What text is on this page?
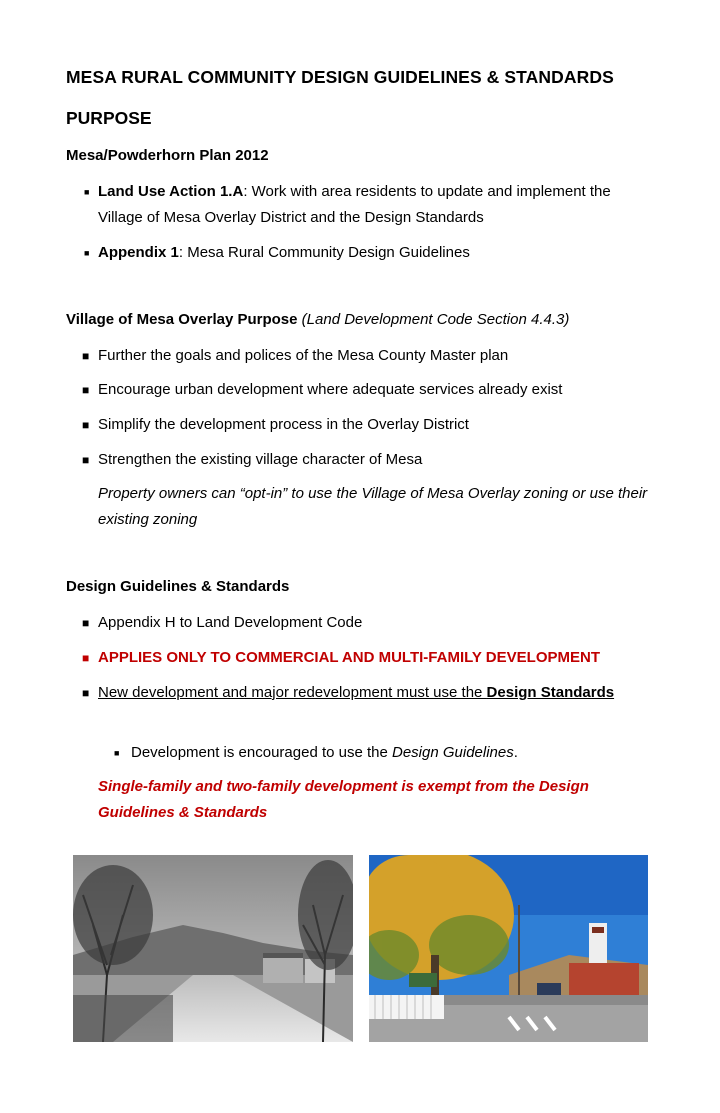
MESA RURAL COMMUNITY DESIGN GUIDELINES & STANDARDS
PURPOSE
Mesa/Powderhorn Plan 2012
■ Land Use Action 1.A: Work with area residents to update and implement the Village of Mesa Overlay District and the Design Standards
■ Appendix 1: Mesa Rural Community Design Guidelines
Village of Mesa Overlay Purpose (Land Development Code Section 4.4.3)
■ Further the goals and polices of the Mesa County Master plan
■ Encourage urban development where adequate services already exist
■ Simplify the development process in the Overlay District
■ Strengthen the existing village character of Mesa
Property owners can “opt-in” to use the Village of Mesa Overlay zoning or use their existing zoning
Design Guidelines & Standards
■ Appendix H to Land Development Code
■ APPLIES ONLY TO COMMERCIAL AND MULTI-FAMILY DEVELOPMENT
■ New development and major redevelopment must use the Design Standards
■ Development is encouraged to use the Design Guidelines.
Single-family and two-family development is exempt from the Design Guidelines & Standards
